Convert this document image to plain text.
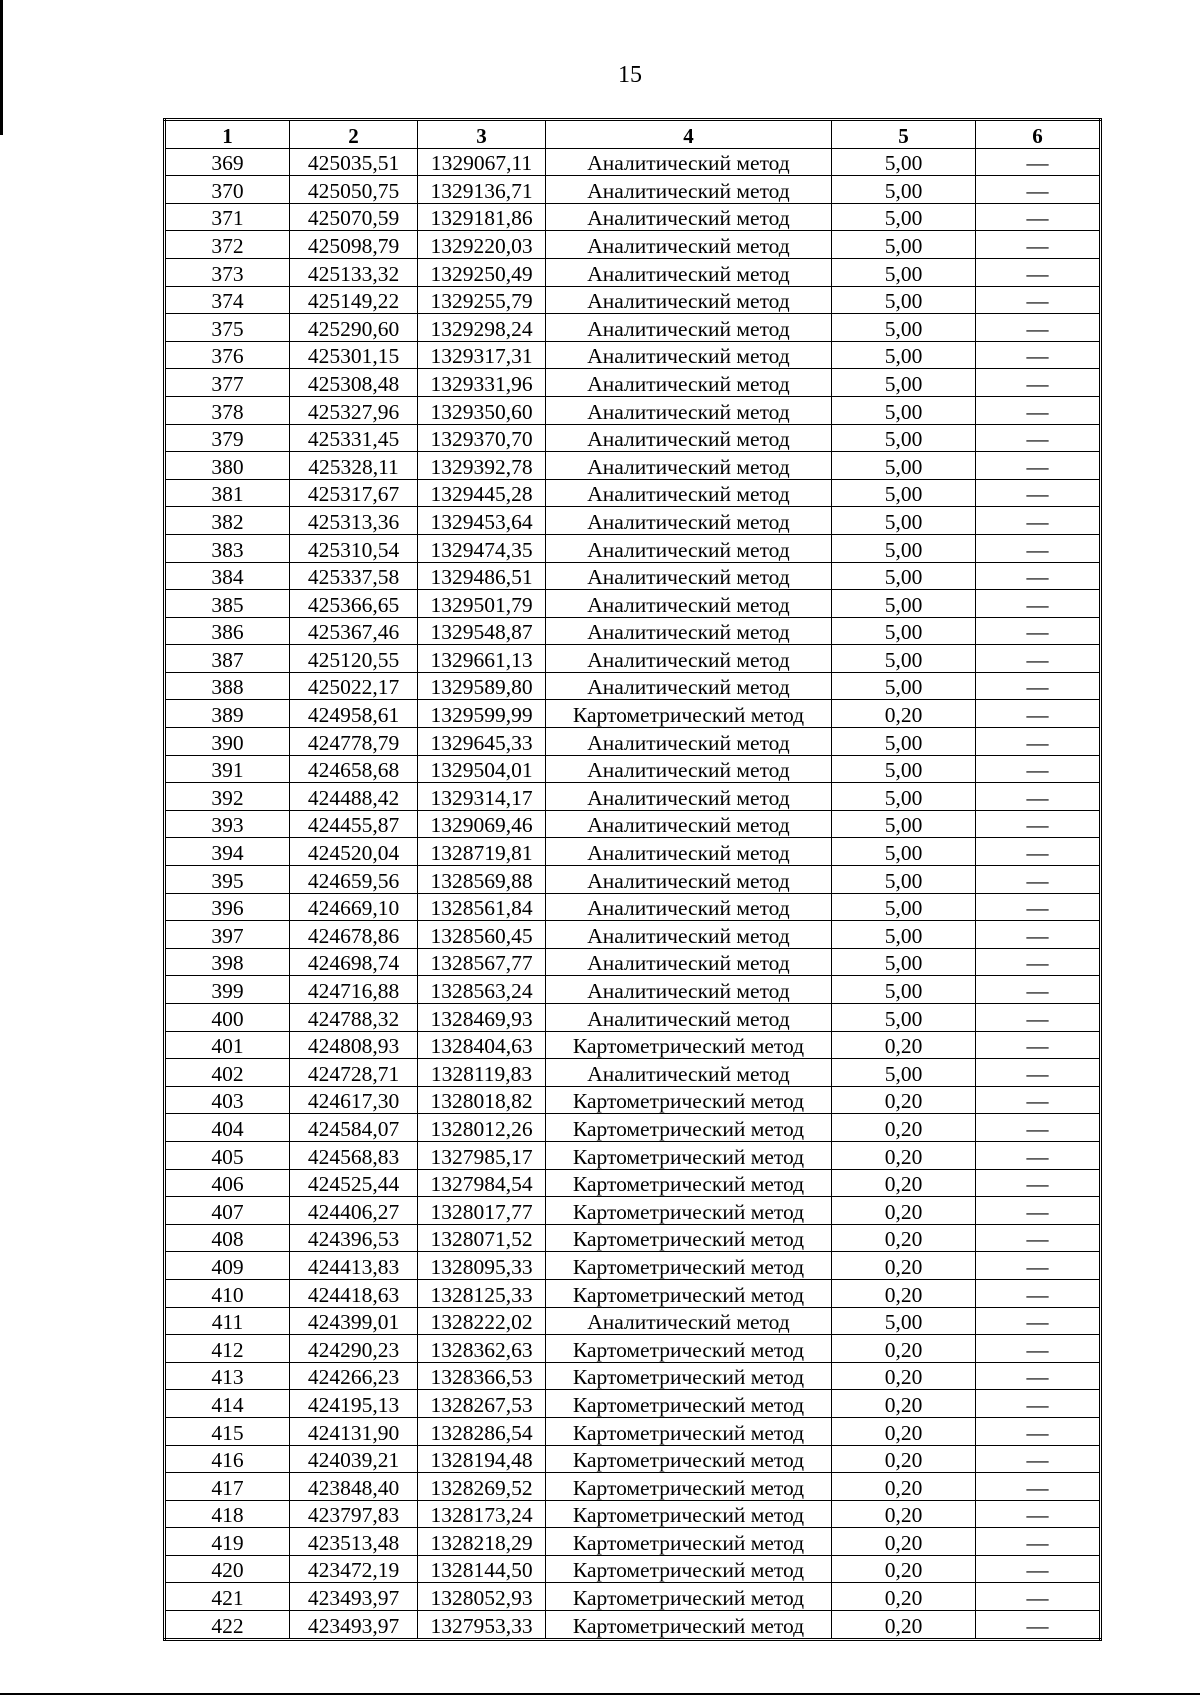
15
1	2	3	4	5	6
369	425035,51	1329067,11	Аналитический метод	5,00	—
370	425050,75	1329136,71	Аналитический метод	5,00	—
371	425070,59	1329181,86	Аналитический метод	5,00	—
372	425098,79	1329220,03	Аналитический метод	5,00	—
373	425133,32	1329250,49	Аналитический метод	5,00	—
374	425149,22	1329255,79	Аналитический метод	5,00	—
375	425290,60	1329298,24	Аналитический метод	5,00	—
376	425301,15	1329317,31	Аналитический метод	5,00	—
377	425308,48	1329331,96	Аналитический метод	5,00	—
378	425327,96	1329350,60	Аналитический метод	5,00	—
379	425331,45	1329370,70	Аналитический метод	5,00	—
380	425328,11	1329392,78	Аналитический метод	5,00	—
381	425317,67	1329445,28	Аналитический метод	5,00	—
382	425313,36	1329453,64	Аналитический метод	5,00	—
383	425310,54	1329474,35	Аналитический метод	5,00	—
384	425337,58	1329486,51	Аналитический метод	5,00	—
385	425366,65	1329501,79	Аналитический метод	5,00	—
386	425367,46	1329548,87	Аналитический метод	5,00	—
387	425120,55	1329661,13	Аналитический метод	5,00	—
388	425022,17	1329589,80	Аналитический метод	5,00	—
389	424958,61	1329599,99	Картометрический метод	0,20	—
390	424778,79	1329645,33	Аналитический метод	5,00	—
391	424658,68	1329504,01	Аналитический метод	5,00	—
392	424488,42	1329314,17	Аналитический метод	5,00	—
393	424455,87	1329069,46	Аналитический метод	5,00	—
394	424520,04	1328719,81	Аналитический метод	5,00	—
395	424659,56	1328569,88	Аналитический метод	5,00	—
396	424669,10	1328561,84	Аналитический метод	5,00	—
397	424678,86	1328560,45	Аналитический метод	5,00	—
398	424698,74	1328567,77	Аналитический метод	5,00	—
399	424716,88	1328563,24	Аналитический метод	5,00	—
400	424788,32	1328469,93	Аналитический метод	5,00	—
401	424808,93	1328404,63	Картометрический метод	0,20	—
402	424728,71	1328119,83	Аналитический метод	5,00	—
403	424617,30	1328018,82	Картометрический метод	0,20	—
404	424584,07	1328012,26	Картометрический метод	0,20	—
405	424568,83	1327985,17	Картометрический метод	0,20	—
406	424525,44	1327984,54	Картометрический метод	0,20	—
407	424406,27	1328017,77	Картометрический метод	0,20	—
408	424396,53	1328071,52	Картометрический метод	0,20	—
409	424413,83	1328095,33	Картометрический метод	0,20	—
410	424418,63	1328125,33	Картометрический метод	0,20	—
411	424399,01	1328222,02	Аналитический метод	5,00	—
412	424290,23	1328362,63	Картометрический метод	0,20	—
413	424266,23	1328366,53	Картометрический метод	0,20	—
414	424195,13	1328267,53	Картометрический метод	0,20	—
415	424131,90	1328286,54	Картометрический метод	0,20	—
416	424039,21	1328194,48	Картометрический метод	0,20	—
417	423848,40	1328269,52	Картометрический метод	0,20	—
418	423797,83	1328173,24	Картометрический метод	0,20	—
419	423513,48	1328218,29	Картометрический метод	0,20	—
420	423472,19	1328144,50	Картометрический метод	0,20	—
421	423493,97	1328052,93	Картометрический метод	0,20	—
422	423493,97	1327953,33	Картометрический метод	0,20	—
